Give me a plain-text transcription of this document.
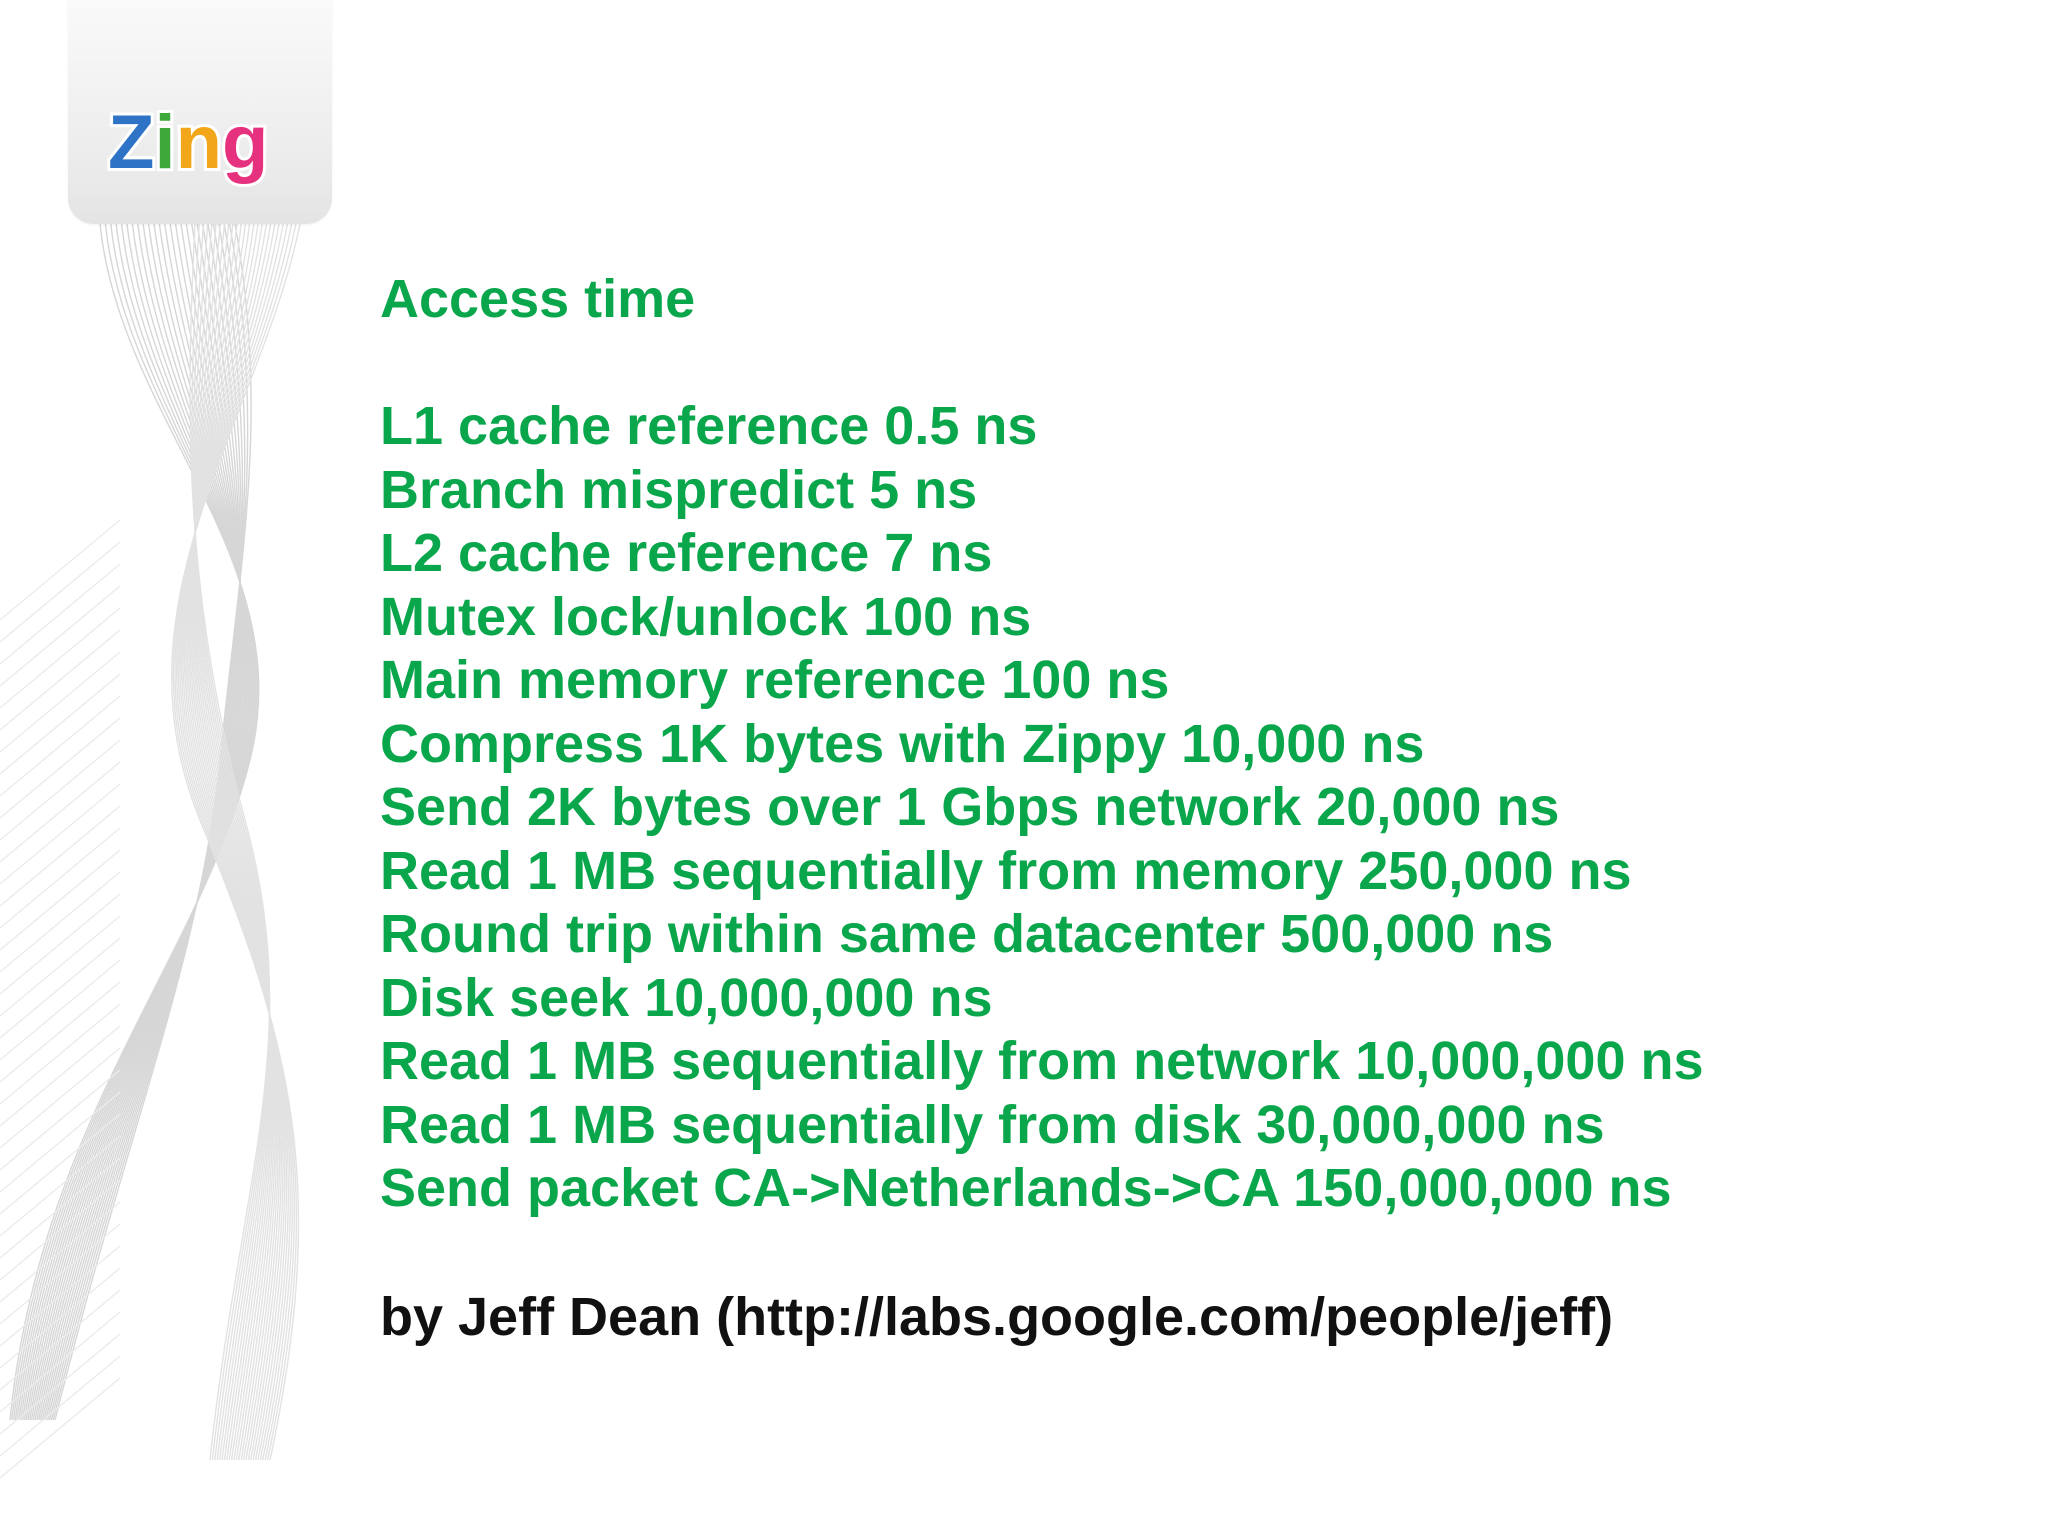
Zing
Access time
L1 cache reference 0.5 ns
Branch mispredict 5 ns
L2 cache reference 7 ns
Mutex lock/unlock 100 ns
Main memory reference 100 ns
Compress 1K bytes with Zippy 10,000 ns
Send 2K bytes over 1 Gbps network 20,000 ns
Read 1 MB sequentially from memory 250,000 ns
Round trip within same datacenter 500,000 ns
Disk seek 10,000,000 ns
Read 1 MB sequentially from network 10,000,000 ns
Read 1 MB sequentially from disk 30,000,000 ns
Send packet CA->Netherlands->CA 150,000,000 ns
by Jeff Dean (http://labs.google.com/people/jeff)
